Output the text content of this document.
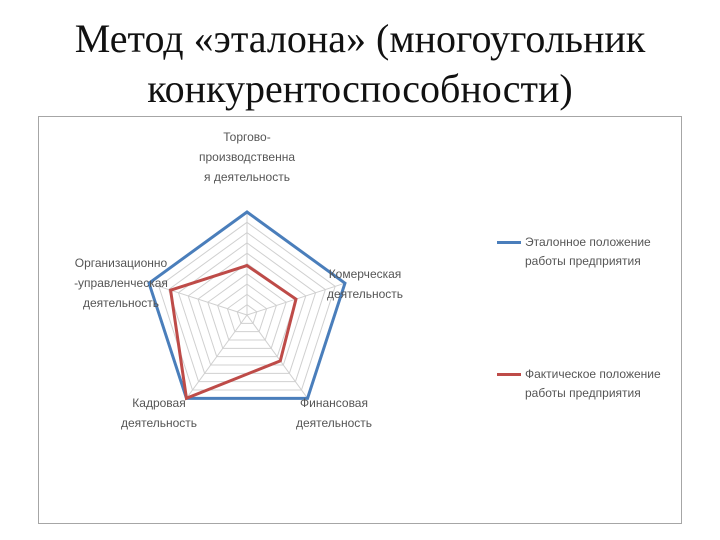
Метод «эталона» (многоугольник
конкурентоспособности)
Торгово-
производственна
я деятельность
Комерческая
деятельность
Финансовая
деятельность
Кадровая
деятельность
Организационно
-управленческая
деятельность
Эталонное положение
работы предприятия
Фактическое положение
работы предприятия
